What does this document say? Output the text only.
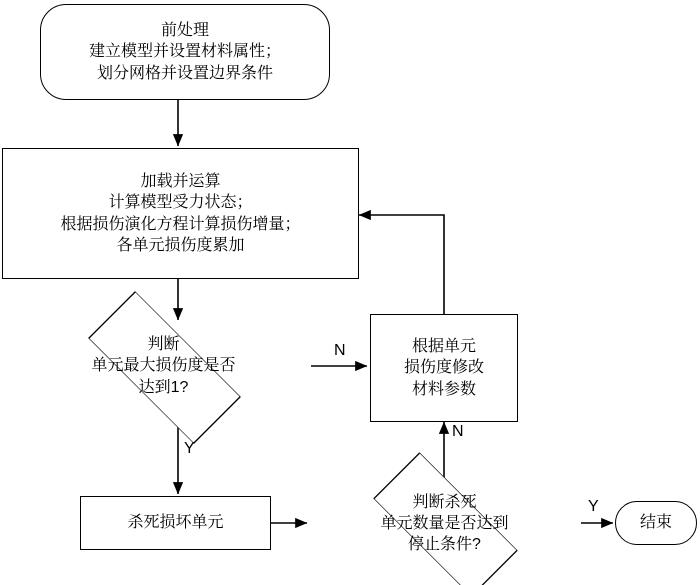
前处理
建立模型并设置材料属性；
划分网格并设置边界条件
加载并运算
计算模型受力状态；
根据损伤演化方程计算损伤增量；
各单元损伤度累加
判断
单元最大损伤度是否
达到1?
根据单元
损伤度修改
材料参数
杀死损坏单元
判断杀死
单元数量是否达到
停止条件?
结束
N
Y
N
Y
